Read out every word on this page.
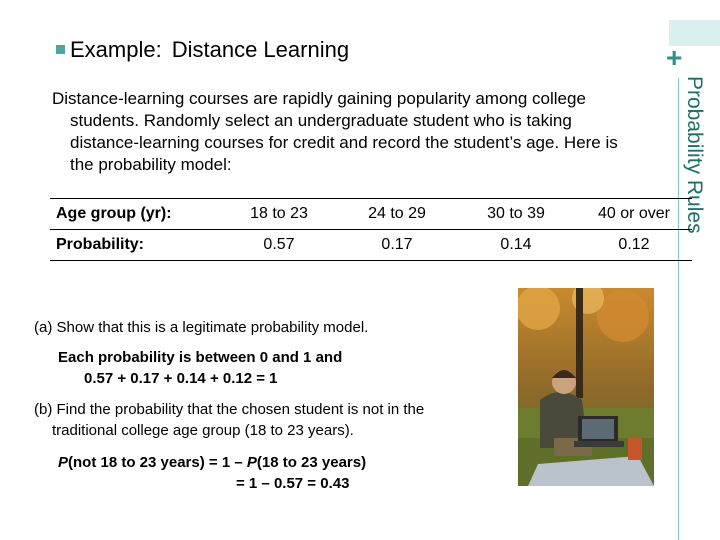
+
Probability Rules
Example: Distance Learning
Distance-learning courses are rapidly gaining popularity among college students. Randomly select an undergraduate student who is taking distance-learning courses for credit and record the student’s age. Here is the probability model:
Age group (yr):	18 to 23	24 to 29	30 to 39	40 or over
Probability:	0.57	0.17	0.14	0.12
(a) Show that this is a legitimate probability model.
Each probability is between 0 and 1 and
0.57 + 0.17 + 0.14 + 0.12 = 1
(b) Find the probability that the chosen student is not in the
traditional college age group (18 to 23 years).
P(not 18 to 23 years) = 1 – P(18 to 23 years)
= 1 – 0.57 = 0.43
